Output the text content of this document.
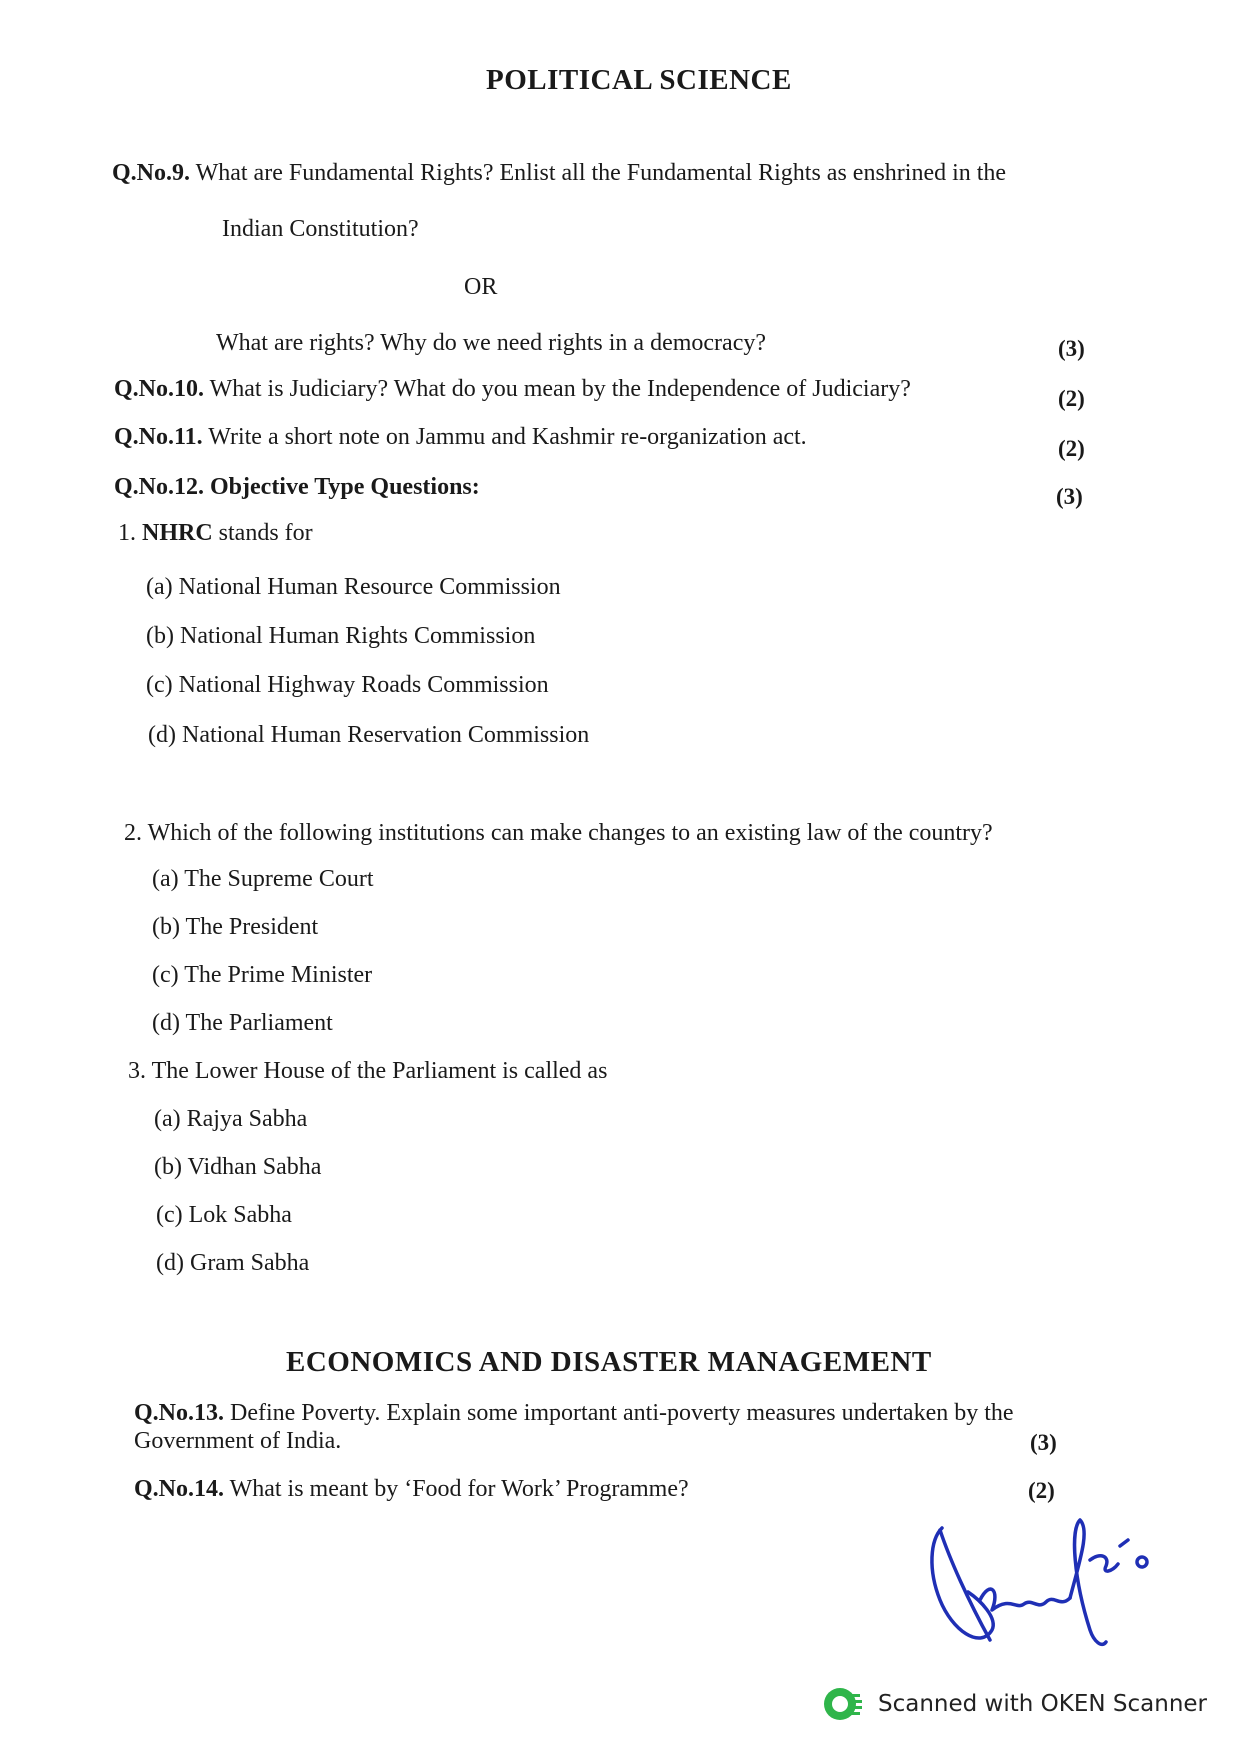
POLITICAL SCIENCE
Q.No.9. What are Fundamental Rights? Enlist all the Fundamental Rights as enshrined in the
Indian Constitution?
OR
What are rights? Why do we need rights in a democracy?	(3)
Q.No.10. What is Judiciary? What do you mean by the Independence of Judiciary?	(2)
Q.No.11. Write a short note on Jammu and Kashmir re-organization act.	(2)
Q.No.12. Objective Type Questions:	(3)
1. NHRC stands for
(a) National Human Resource Commission
(b) National Human Rights Commission
(c) National Highway Roads Commission
(d) National Human Reservation Commission
2. Which of the following institutions can make changes to an existing law of the country?
(a) The Supreme Court
(b) The President
(c) The Prime Minister
(d) The Parliament
3. The Lower House of the Parliament is called as
(a) Rajya Sabha
(b) Vidhan Sabha
(c) Lok Sabha
(d) Gram Sabha
ECONOMICS AND DISASTER MANAGEMENT
Q.No.13. Define Poverty. Explain some important anti-poverty measures undertaken by the
Government of India.	(3)
Q.No.14. What is meant by ‘Food for Work’ Programme?	(2)
Scanned with OKEN Scanner
